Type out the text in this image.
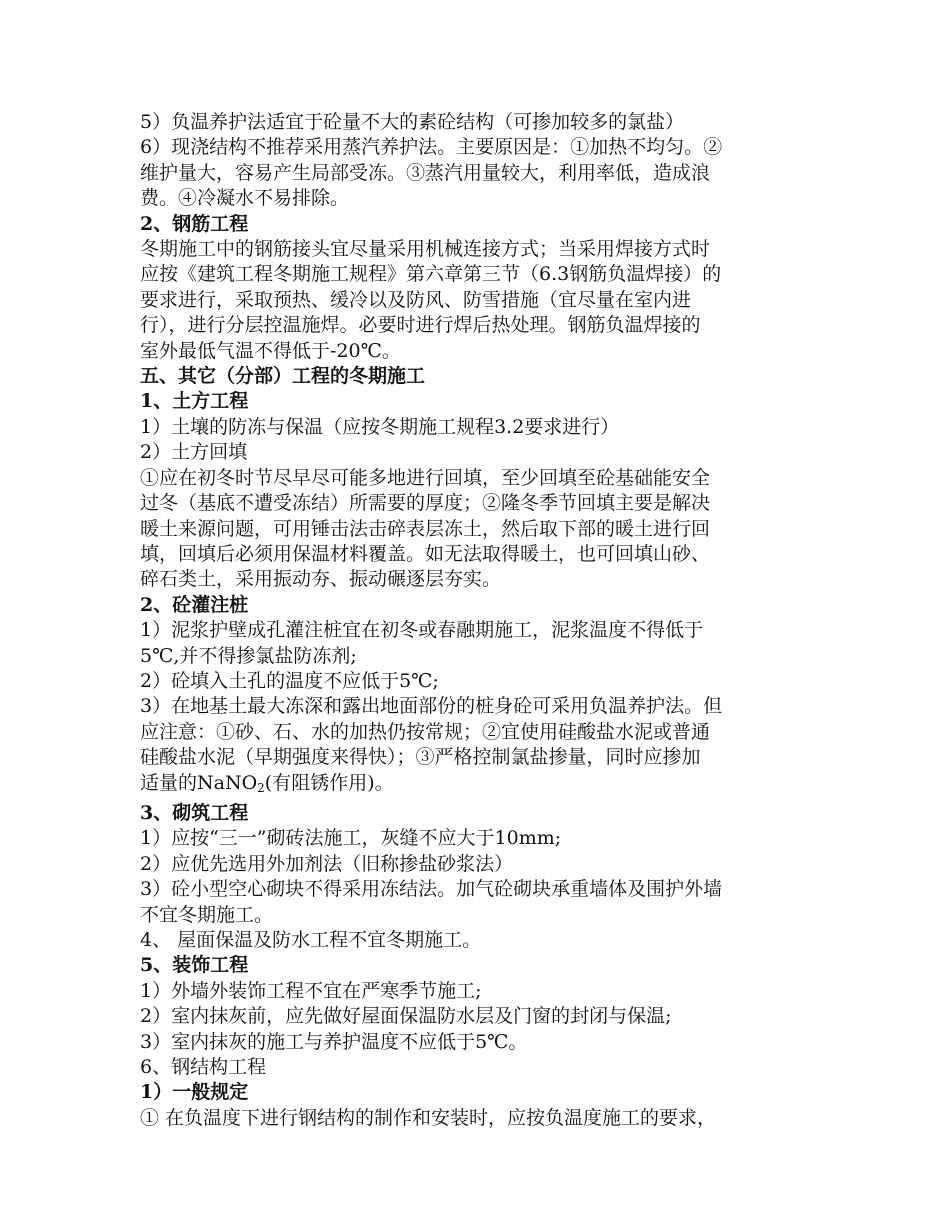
5）负温养护法适宜于砼量不大的素砼结构（可掺加较多的氯盐）
6）现浇结构不推荐采用蒸汽养护法。主要原因是：①加热不均匀。②
维护量大，容易产生局部受冻。③蒸汽用量较大，利用率低，造成浪
费。④冷凝水不易排除。
2、钢筋工程
冬期施工中的钢筋接头宜尽量采用机械连接方式；当采用焊接方式时
应按《建筑工程冬期施工规程》第六章第三节（6.3钢筋负温焊接）的
要求进行，采取预热、缓冷以及防风、防雪措施（宜尽量在室内进
行），进行分层控温施焊。必要时进行焊后热处理。钢筋负温焊接的
室外最低气温不得低于-20℃。
五、其它（分部）工程的冬期施工
1、土方工程
1）土壤的防冻与保温（应按冬期施工规程3.2要求进行）
2）土方回填
①应在初冬时节尽早尽可能多地进行回填，至少回填至砼基础能安全
过冬（基底不遭受冻结）所需要的厚度；②隆冬季节回填主要是解决
暖土来源问题，可用锤击法击碎表层冻土，然后取下部的暖土进行回
填，回填后必须用保温材料覆盖。如无法取得暖土，也可回填山砂、
碎石类土，采用振动夯、振动碾逐层夯实。
2、砼灌注桩
1）泥浆护壁成孔灌注桩宜在初冬或春融期施工，泥浆温度不得低于
5℃,并不得掺氯盐防冻剂;
2）砼填入土孔的温度不应低于5℃;
3）在地基土最大冻深和露出地面部份的桩身砼可采用负温养护法。但
应注意：①砂、石、水的加热仍按常规；②宜使用硅酸盐水泥或普通
硅酸盐水泥（早期强度来得快）；③严格控制氯盐掺量，同时应掺加
适量的NaNO$_2$(有阻锈作用)。
3、砌筑工程
1）应按“三一”砌砖法施工，灰缝不应大于10mm;
2）应优先选用外加剂法（旧称掺盐砂浆法）
3）砼小型空心砌块不得采用冻结法。加气砼砌块承重墙体及围护外墙
不宜冬期施工。
4、 屋面保温及防水工程不宜冬期施工。
5、装饰工程
1）外墙外装饰工程不宜在严寒季节施工;
2）室内抹灰前，应先做好屋面保温防水层及门窗的封闭与保温;
3）室内抹灰的施工与养护温度不应低于5℃。
6、钢结构工程
1）一般规定
① 在负温度下进行钢结构的制作和安装时，应按负温度施工的要求，
